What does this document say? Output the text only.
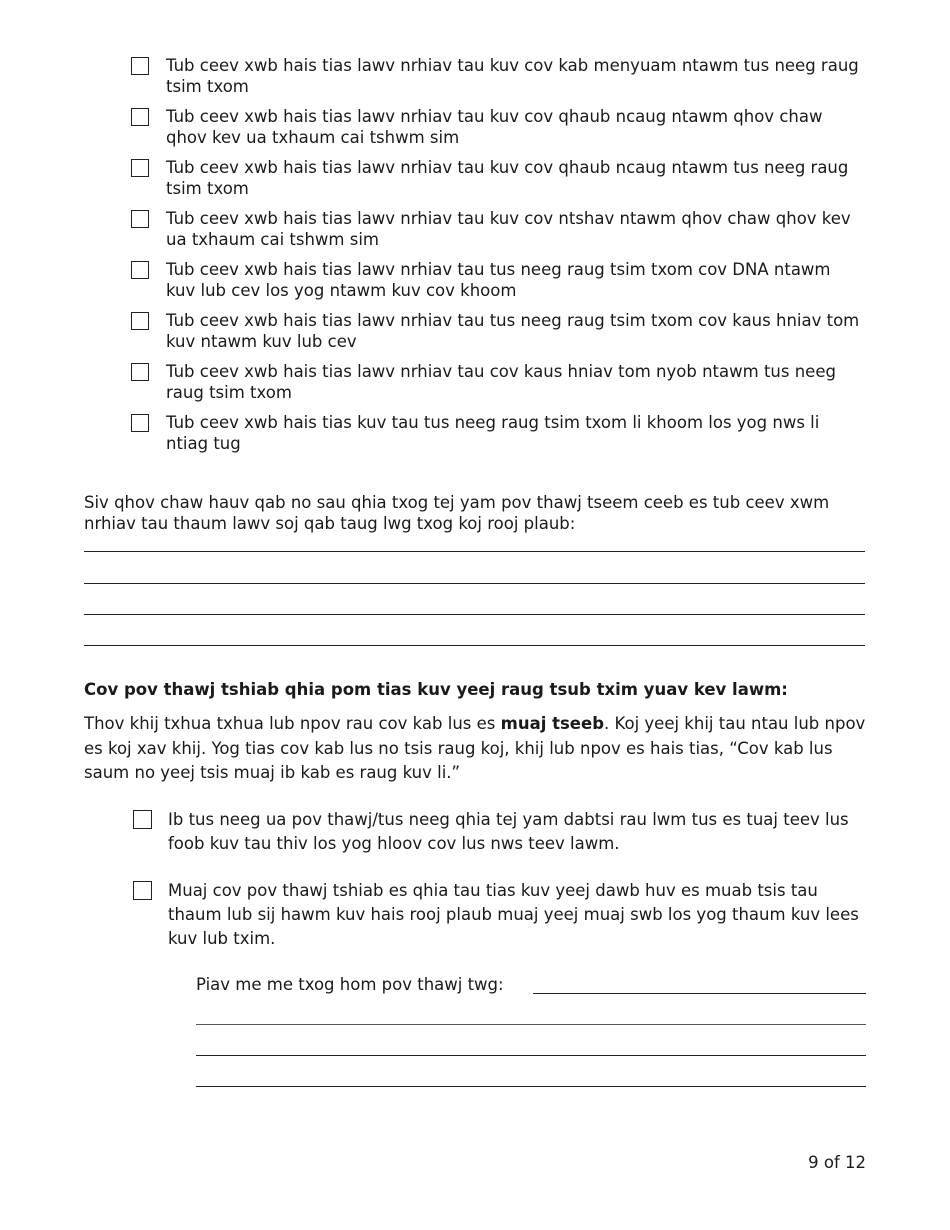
Tub ceev xwb hais tias lawv nrhiav tau kuv cov kab menyuam ntawm tus neeg raug tsim txom
Tub ceev xwb hais tias lawv nrhiav tau kuv cov qhaub ncaug ntawm qhov chaw qhov kev ua txhaum cai tshwm sim
Tub ceev xwb hais tias lawv nrhiav tau kuv cov qhaub ncaug ntawm tus neeg raug tsim txom
Tub ceev xwb hais tias lawv nrhiav tau kuv cov ntshav ntawm qhov chaw qhov kev ua txhaum cai tshwm sim
Tub ceev xwb hais tias lawv nrhiav tau tus neeg raug tsim txom cov DNA ntawm kuv lub cev los yog ntawm kuv cov khoom
Tub ceev xwb hais tias lawv nrhiav tau tus neeg raug tsim txom cov kaus hniav tom kuv ntawm kuv lub cev
Tub ceev xwb hais tias lawv nrhiav tau cov kaus hniav tom nyob ntawm tus neeg raug tsim txom
Tub ceev xwb hais tias kuv tau tus neeg raug tsim txom li khoom los yog nws li ntiag tug
Siv qhov chaw hauv qab no sau qhia txog tej yam pov thawj tseem ceeb es tub ceev xwm nrhiav tau thaum lawv soj qab taug lwg txog koj rooj plaub:
Cov pov thawj tshiab qhia pom tias kuv yeej raug tsub txim yuav kev lawm:
Thov khij txhua txhua lub npov rau cov kab lus es muaj tseeb. Koj yeej khij tau ntau lub npov es koj xav khij. Yog tias cov kab lus no tsis raug koj, khij lub npov es hais tias, “Cov kab lus saum no yeej tsis muaj ib kab es raug kuv li.”
Ib tus neeg ua pov thawj/tus neeg qhia tej yam dabtsi rau lwm tus es tuaj teev lus foob kuv tau thiv los yog hloov cov lus nws teev lawm.
Muaj cov pov thawj tshiab es qhia tau tias kuv yeej dawb huv es muab tsis tau thaum lub sij hawm kuv hais rooj plaub muaj yeej muaj swb los yog thaum kuv lees kuv lub txim.
Piav me me txog hom pov thawj twg:
9 of 12
